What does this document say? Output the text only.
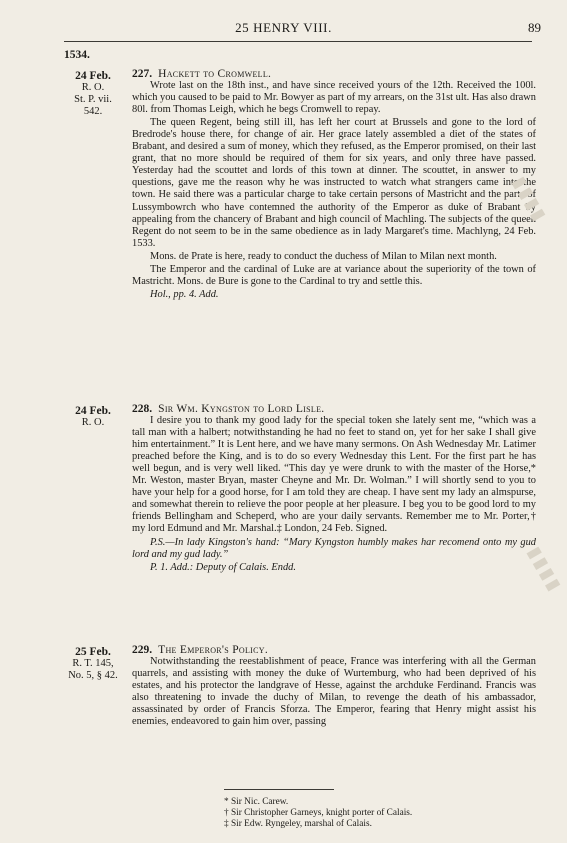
25 HENRY VIII.	89
1534.
24 Feb.
R. O.
St. P. vii. 542.
227. Hackett to Cromwell.

Wrote last on the 18th inst., and have since received yours of the 12th. Received the 100l. which you caused to be paid to Mr. Bowyer as part of my arrears, on the 31st ult. Has also drawn 80l. from Thomas Leigh, which he begs Cromwell to repay.

The queen Regent, being still ill, has left her court at Brussels and gone to the lord of Bredrode's house there, for change of air. Her grace lately assembled a diet of the states of Brabant, and desired a sum of money, which they refused, as the Emperor promised, on their last grant, that no more should be required of them for six years, and only three have passed. Yesterday had the scouttet and lords of this town at dinner. The scouttet, in answer to my questions, gave me the reason why he was instructed to watch what strangers came into the town. He said there was a particular charge to take certain persons of Mastricht and the parts of Lussymbowrch who have contemned the authority of the Emperor as duke of Brabant by appealing from the chancery of Brabant and high council of Machling. The subjects of the queen Regent do not seem to be in the same obedience as in lady Margaret's time. Machlyng, 24 Feb. 1533.

Mons. de Prate is here, ready to conduct the duchess of Milan to Milan next month.

The Emperor and the cardinal of Luke are at variance about the superiority of the town of Mastricht. Mons. de Bure is gone to the Cardinal to try and settle this.

Hol., pp. 4. Add.

24 Feb.
R. O.
228. Sir Wm. Kyngston to Lord Lisle.

I desire you to thank my good lady for the special token she lately sent me, “which was a tall man with a halbert; notwithstanding he had no feet to stand on, yet for her sake I shall give him entertainment.” It is Lent here, and we have many sermons. On Ash Wednesday Mr. Latimer preached before the King, and is to do so every Wednesday this Lent. For the first part he has well begun, and is very well liked. “This day ye were drunk to with the master of the Horse,* Mr. Weston, master Bryan, master Cheyne and Mr. Dr. Wolman.” I will shortly send to you to have your help for a good horse, for I am told they are cheap. I have sent my lady an almspurse, and somewhat therein to relieve the poor people at her pleasure. I beg you to be good lord to my friends Bellingham and Scheperd, who are your daily servants. Remember me to Mr. Porter,† my lord Edmund and Mr. Marshal.‡ London, 24 Feb. Signed.

P.S.—In lady Kingston's hand: “Mary Kyngston humbly makes har recomend onto my gud lord and my gud lady.”

P. 1. Add.: Deputy of Calais. Endd.

25 Feb.
R. T. 145,
No. 5, § 42.
229. The Emperor's Policy.

Notwithstanding the reestablishment of peace, France was interfering with all the German quarrels, and assisting with money the duke of Wurtemburg, who had been deprived of his estates, and his protector the landgrave of Hesse, against the archduke Ferdinand. Francis was also threatening to invade the duchy of Milan, to revenge the death of his ambassador, assassinated by order of Francis Sforza. The Emperor, fearing that Henry might assist his enemies, endeavored to gain him over, passing

* Sir Nic. Carew.
† Sir Christopher Garneys, knight porter of Calais.
‡ Sir Edw. Ryngeley, marshal of Calais.
▮▮▮▮
▮▮▮▮
